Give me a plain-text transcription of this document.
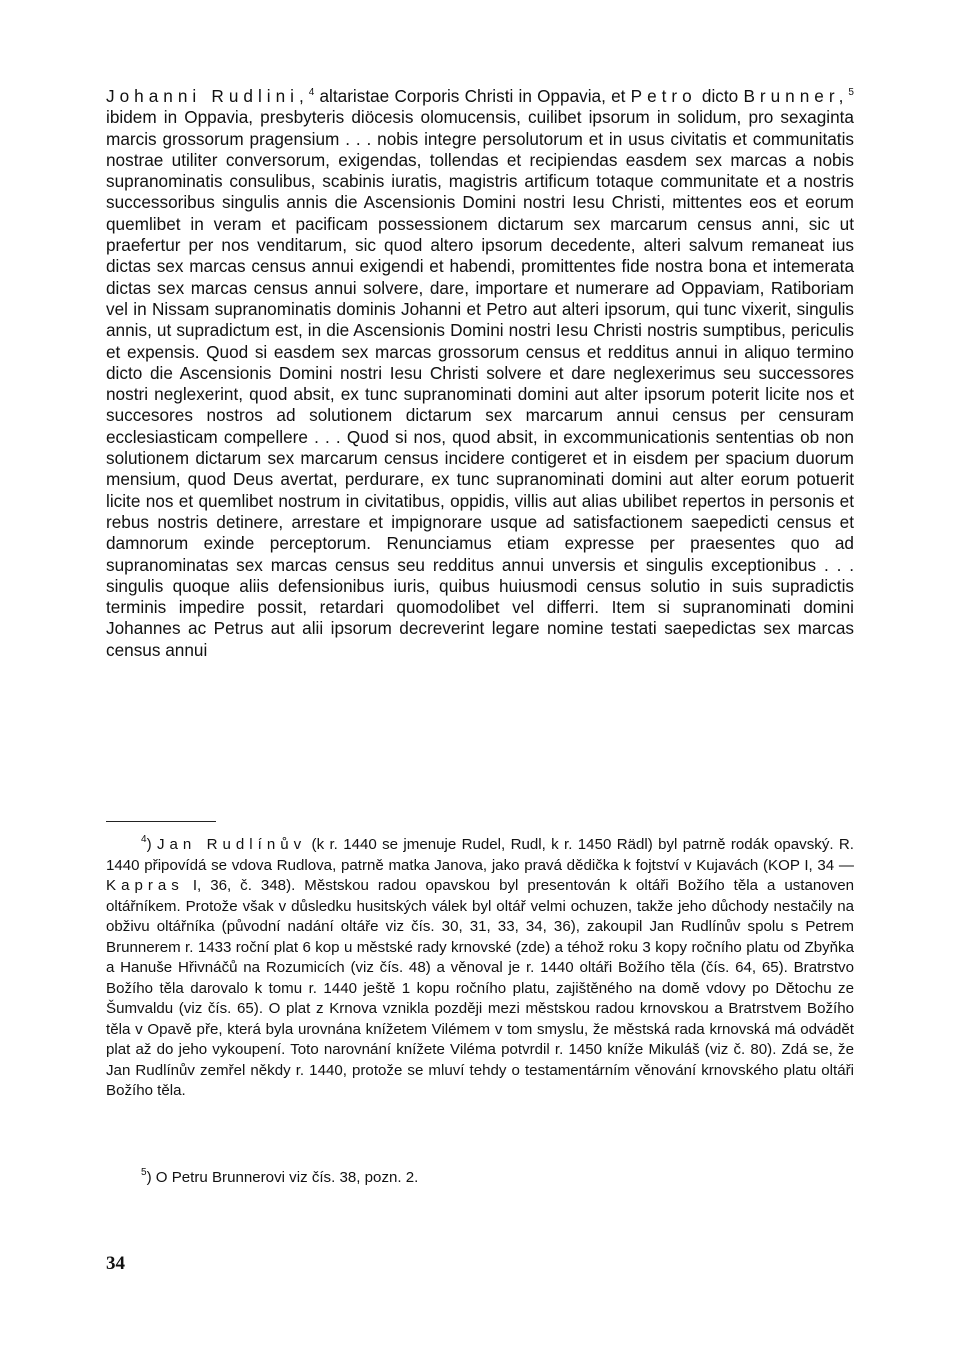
Johanni Rudlini,$^4$ altaristae Corporis Christi in Oppavia, et Petro dicto Brunner,$^5$ ibidem in Oppavia, presbyteris diöcesis olomucensis, cuilibet ipsorum in solidum, pro sexaginta marcis grossorum pragensium . . . nobis integre persolutorum et in usus civitatis et communitatis nostrae utiliter conversorum, exigendas, tollendas et recipiendas easdem sex marcas a nobis supranominatis consulibus, scabinis iuratis, magistris artificum totaque communitate et a nostris successoribus singulis annis die Ascensionis Domini nostri Iesu Christi, mittentes eos et eorum quemlibet in veram et pacificam possessionem dictarum sex marcarum census anni, sic ut praefertur per nos venditarum, sic quod altero ipsorum decedente, alteri salvum remaneat ius dictas sex marcas census annui exigendi et habendi, promittentes fide nostra bona et intemerata dictas sex marcas census annui solvere, dare, importare et numerare ad Oppaviam, Ratiboriam vel in Nissam supranominatis dominis Johanni et Petro aut alteri ipsorum, qui tunc vixerit, singulis annis, ut supradictum est, in die Ascensionis Domini nostri Iesu Christi nostris sumptibus, periculis et expensis. Quod si easdem sex marcas grossorum census et redditus annui in aliquo termino dicto die Ascensionis Domini nostri Iesu Christi solvere et dare neglexerimus seu successores nostri neglexerint, quod absit, ex tunc supranominati domini aut alter ipsorum poterit licite nos et succesores nostros ad solutionem dictarum sex marcarum annui census per censuram ecclesiasticam compellere . . . Quod si nos, quod absit, in excommunicationis sententias ob non solutionem dictarum sex marcarum census incidere contigeret et in eisdem per spacium duorum mensium, quod Deus avertat, perdurare, ex tunc supranominati domini aut alter eorum potuerit licite nos et quemlibet nostrum in civitatibus, oppidis, villis aut alias ubilibet repertos in personis et rebus nostris detinere, arrestare et impignorare usque ad satisfactionem saepedicti census et damnorum exinde perceptorum. Renunciamus etiam expresse per praesentes quo ad supranominatas sex marcas census seu redditus annui unversis et singulis exceptionibus . . . singulis quoque aliis defensionibus iuris, quibus huiusmodi census solutio in suis supradictis terminis impedire possit, retardari quomodolibet vel differri. Item si supranominati domini Johannes ac Petrus aut alii ipsorum decreverint legare nomine testati saepedictas sex marcas census annui

$^4$) Jan Rudlínův (k r. 1440 se jmenuje Rudel, Rudl, k r. 1450 Rädl) byl patrně rodák opavský. R. 1440 připovídá se vdova Rudlova, patrně matka Janova, jako pravá dědička k fojtství v Kujavách (KOP I, 34 — Kapras I, 36, č. 348). Městskou radou opavskou byl presentován k oltáři Božího těla a ustanoven oltářníkem. Protože však v důsledku husitských válek byl oltář velmi ochuzen, takže jeho důchody nestačily na obživu oltářníka (původní nadání oltáře viz čís. 30, 31, 33, 34, 36), zakoupil Jan Rudlínův spolu s Petrem Brunnerem r. 1433 roční plat 6 kop u městské rady krnovské (zde) a téhož roku 3 kopy ročního platu od Zbyňka a Hanuše Hřivnáčů na Rozumicích (viz čís. 48) a věnoval je r. 1440 oltáři Božího těla (čís. 64, 65). Bratrstvo Božího těla darovalo k tomu r. 1440 ještě 1 kopu ročního platu, zajištěného na domě vdovy po Dětochu ze Šumvaldu (viz čís. 65). O plat z Krnova vznikla později mezi městskou radou krnovskou a Bratrstvem Božího těla v Opavě pře, která byla urovnána knížetem Vilémem v tom smyslu, že městská rada krnovská má odvádět plat až do jeho vykoupení. Toto narovnání knížete Viléma potvrdil r. 1450 kníže Mikuláš (viz č. 80). Zdá se, že Jan Rudlínův zemřel někdy r. 1440, protože se mluví tehdy o testamentárním věnování krnovského platu oltáři Božího těla.

$^5$) O Petru Brunnerovi viz čís. 38, pozn. 2.

34
